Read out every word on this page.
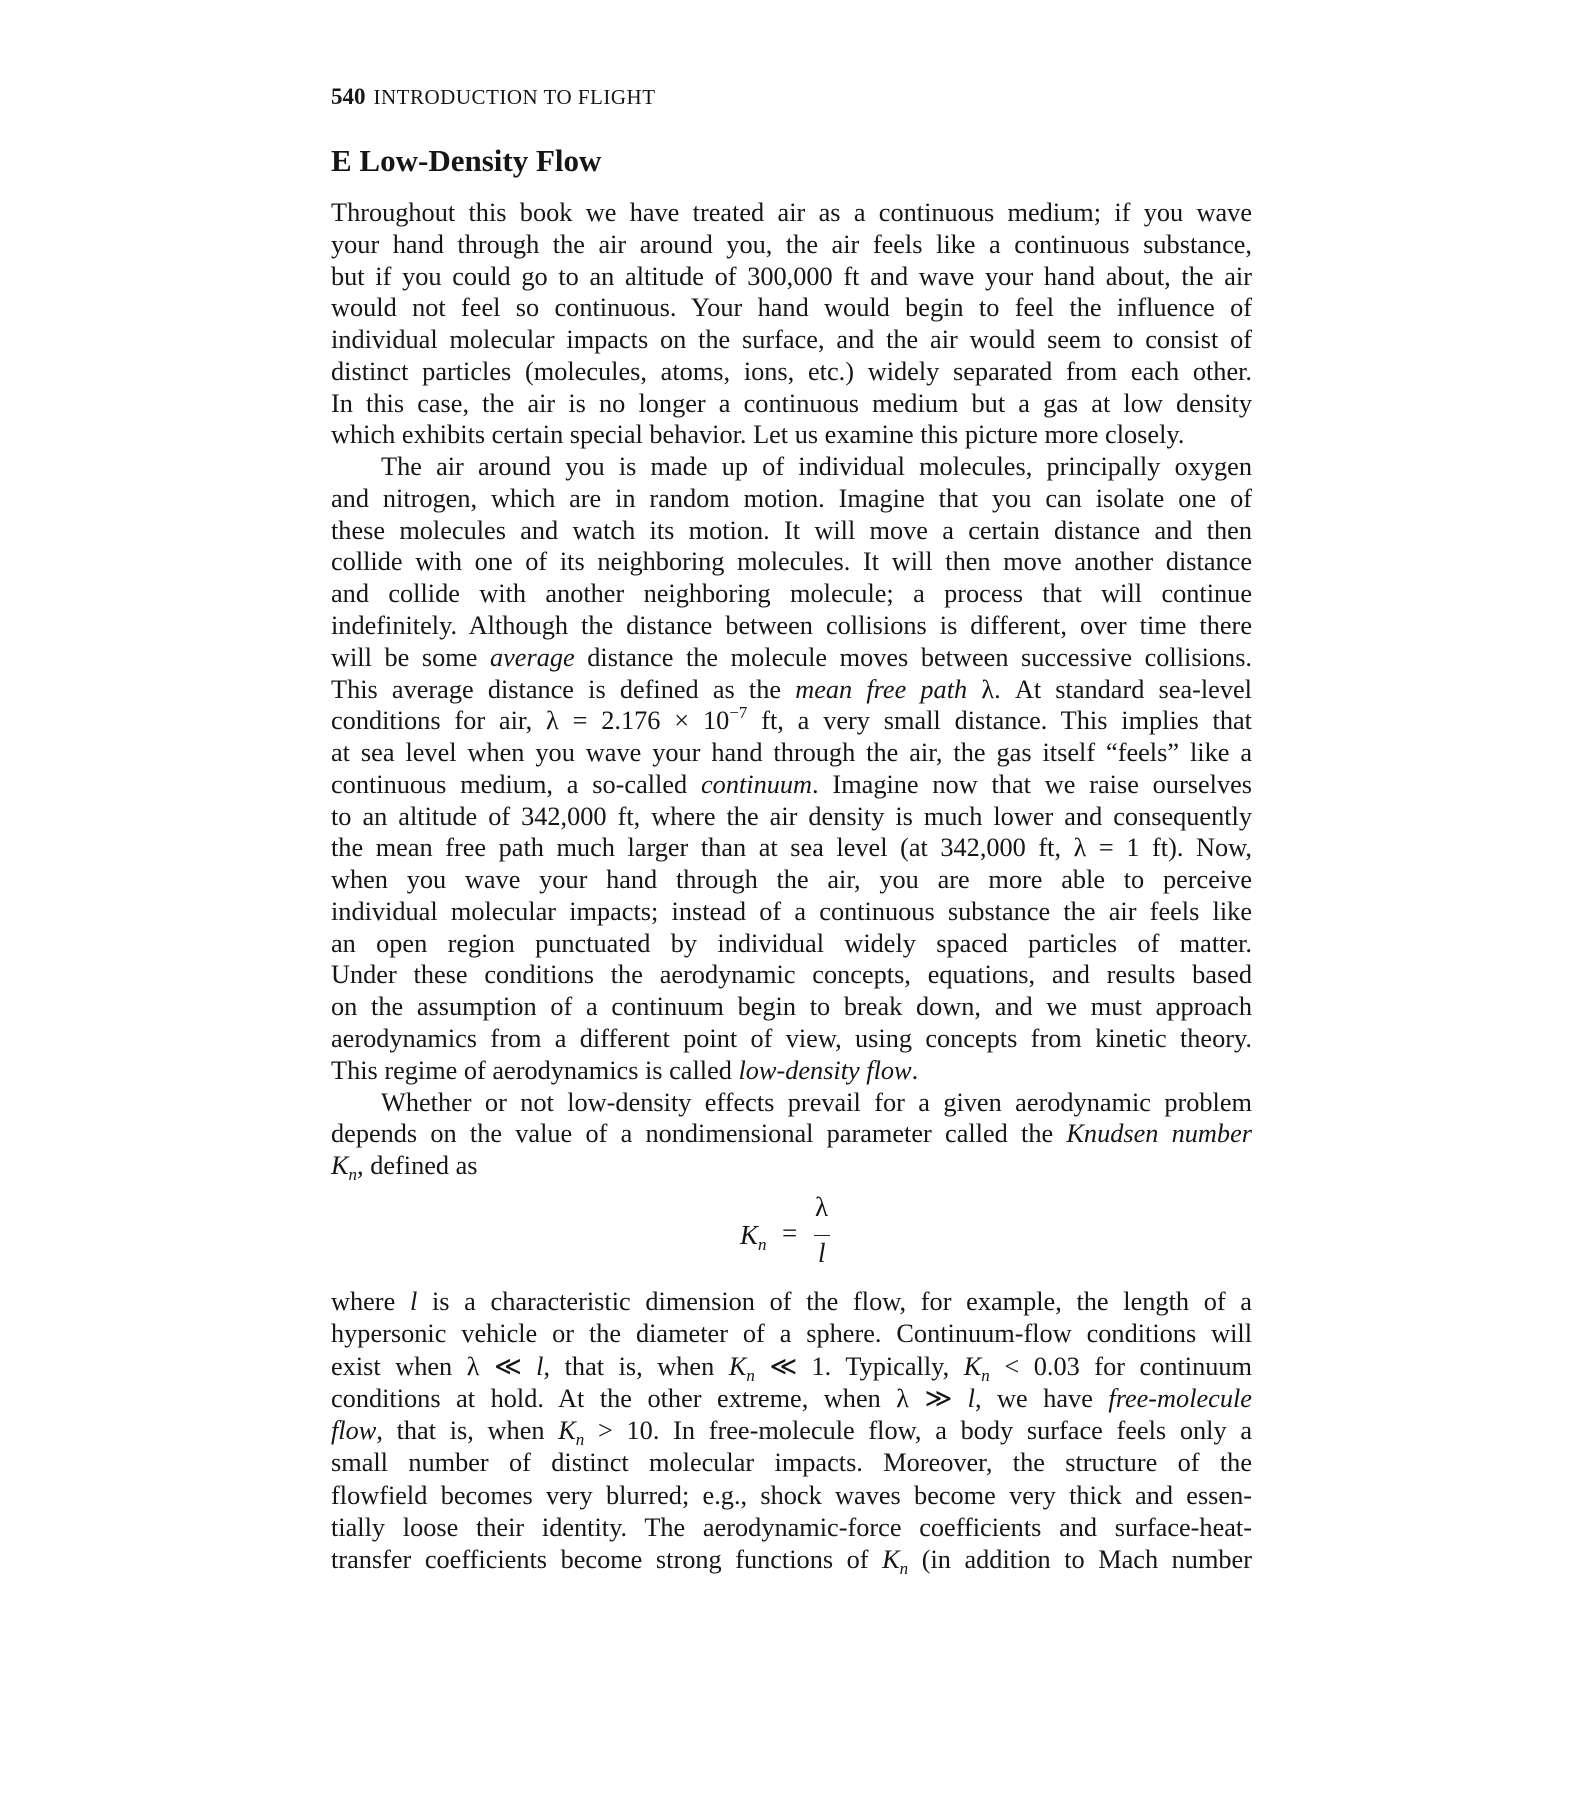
540 INTRODUCTION TO FLIGHT
E Low-Density Flow
Throughout this book we have treated air as a continuous medium; if you wave
your hand through the air around you, the air feels like a continuous substance,
but if you could go to an altitude of 300,000 ft and wave your hand about, the air
would not feel so continuous. Your hand would begin to feel the influence of
individual molecular impacts on the surface, and the air would seem to consist of
distinct particles (molecules, atoms, ions, etc.) widely separated from each other.
In this case, the air is no longer a continuous medium but a gas at low density
which exhibits certain special behavior. Let us examine this picture more closely.
The air around you is made up of individual molecules, principally oxygen
and nitrogen, which are in random motion. Imagine that you can isolate one of
these molecules and watch its motion. It will move a certain distance and then
collide with one of its neighboring molecules. It will then move another distance
and collide with another neighboring molecule; a process that will continue
indefinitely. Although the distance between collisions is different, over time there
will be some average distance the molecule moves between successive collisions.
This average distance is defined as the mean free path λ. At standard sea-level
conditions for air, $\lambda = 2.176 \times 10^{-7}$ ft, a very small distance. This implies that
at sea level when you wave your hand through the air, the gas itself “feels” like a
continuous medium, a so-called continuum. Imagine now that we raise ourselves
to an altitude of 342,000 ft, where the air density is much lower and consequently
the mean free path much larger than at sea level (at 342,000 ft, λ = 1 ft). Now,
when you wave your hand through the air, you are more able to perceive
individual molecular impacts; instead of a continuous substance the air feels like
an open region punctuated by individual widely spaced particles of matter.
Under these conditions the aerodynamic concepts, equations, and results based
on the assumption of a continuum begin to break down, and we must approach
aerodynamics from a different point of view, using concepts from kinetic theory.
This regime of aerodynamics is called low-density flow.
Whether or not low-density effects prevail for a given aerodynamic problem
depends on the value of a nondimensional parameter called the Knudsen number
$K_n$, defined as
where l is a characteristic dimension of the flow, for example, the length of a
hypersonic vehicle or the diameter of a sphere. Continuum-flow conditions will
exist when λ ≪ l, that is, when $K_n$ ≪ 1. Typically, $K_n < 0.03$ for continuum
conditions at hold. At the other extreme, when λ ≫ l, we have free-molecule
flow, that is, when $K_n > 10$. In free-molecule flow, a body surface feels only a
small number of distinct molecular impacts. Moreover, the structure of the
flowfield becomes very blurred; e.g., shock waves become very thick and essen-
tially loose their identity. The aerodynamic-force coefficients and surface-heat-
transfer coefficients become strong functions of $K_n$ (in addition to Mach number
$K_n$ =
λ
l
